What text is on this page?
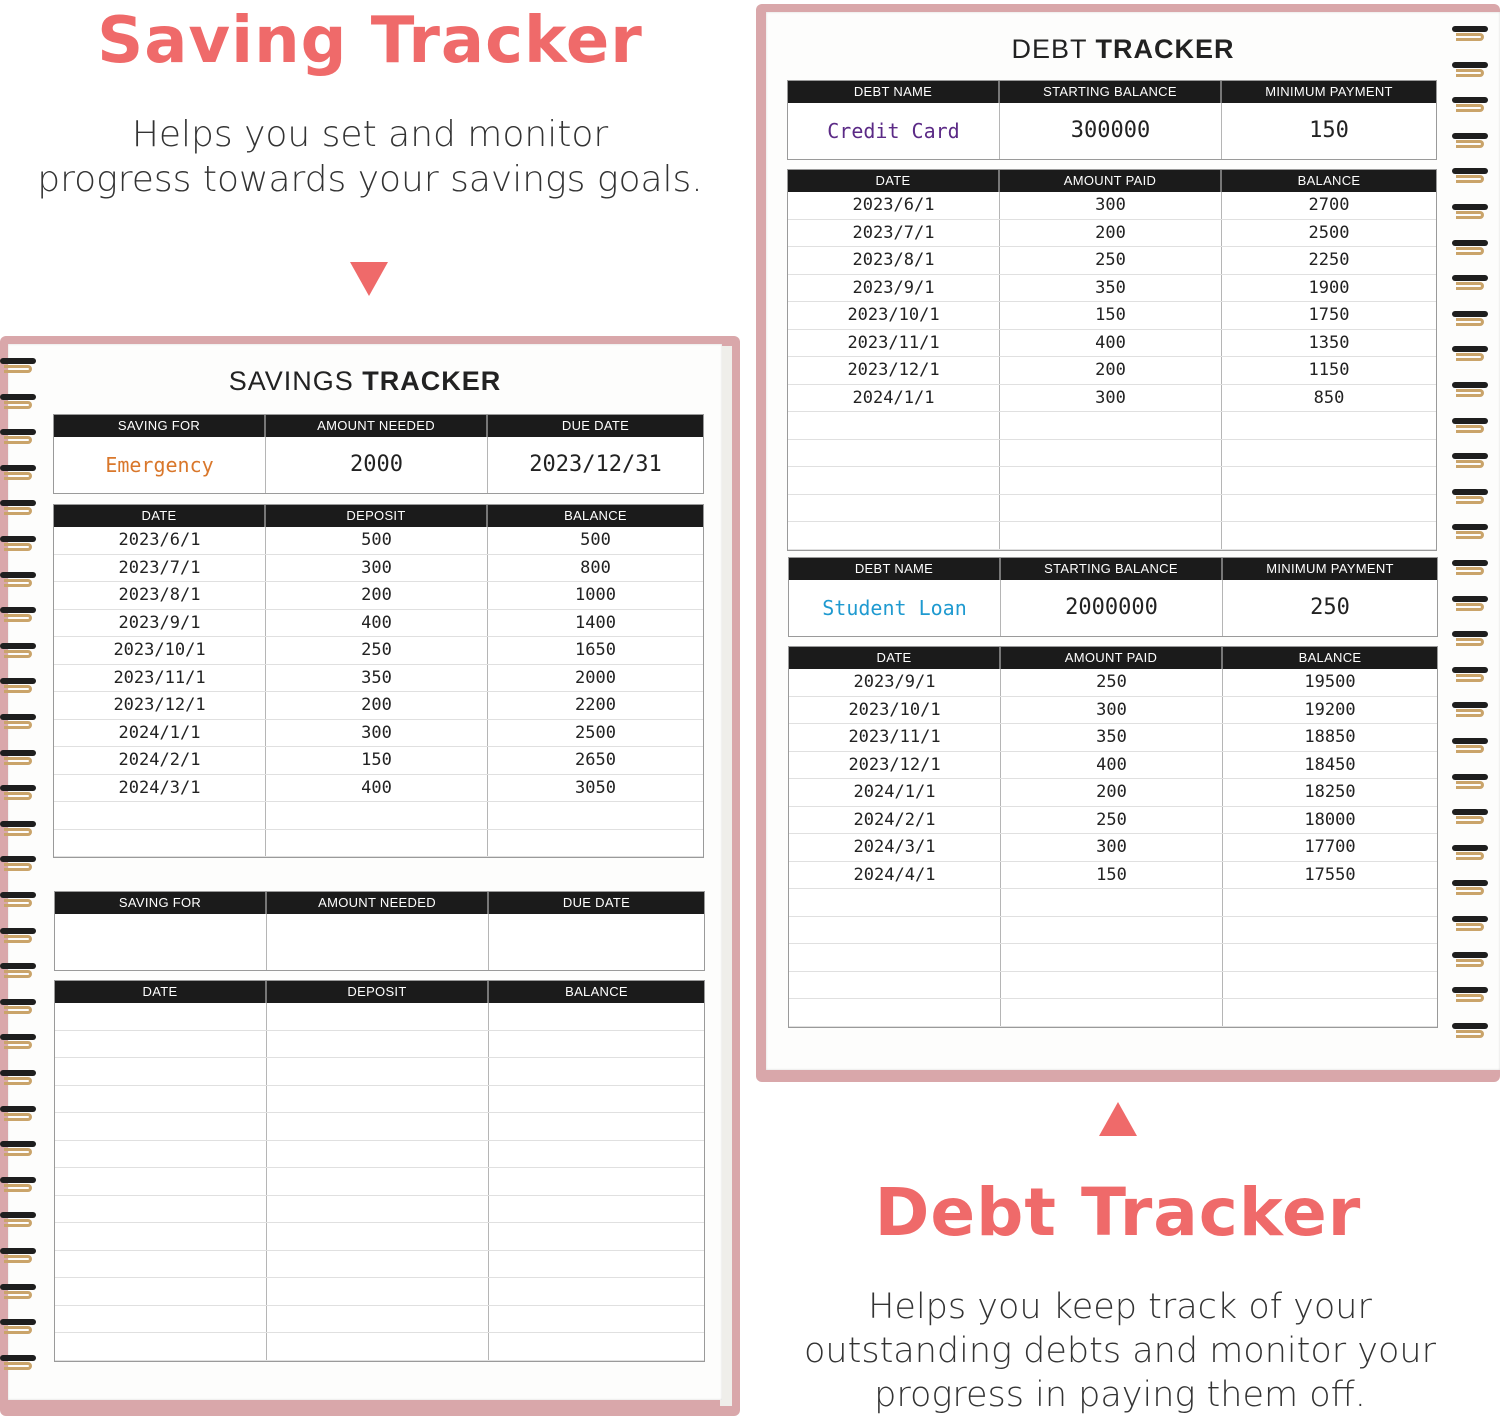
Saving Tracker
Helps you set and monitor
progress towards your savings goals.
SAVINGS TRACKER
SAVING FOR	AMOUNT NEEDED	DUE DATE
Emergency	2000	2023/12/31
DATE	DEPOSIT	BALANCE
2023/6/1	500	500
2023/7/1	300	800
2023/8/1	200	1000
2023/9/1	400	1400
2023/10/1	250	1650
2023/11/1	350	2000
2023/12/1	200	2200
2024/1/1	300	2500
2024/2/1	150	2650
2024/3/1	400	3050
SAVING FOR	AMOUNT NEEDED	DUE DATE
DATE	DEPOSIT	BALANCE
DEBT TRACKER
DEBT NAME	STARTING BALANCE	MINIMUM PAYMENT
Credit Card	300000	150
DATE	AMOUNT PAID	BALANCE
2023/6/1	300	2700
2023/7/1	200	2500
2023/8/1	250	2250
2023/9/1	350	1900
2023/10/1	150	1750
2023/11/1	400	1350
2023/12/1	200	1150
2024/1/1	300	850
DEBT NAME	STARTING BALANCE	MINIMUM PAYMENT
Student Loan	2000000	250
DATE	AMOUNT PAID	BALANCE
2023/9/1	250	19500
2023/10/1	300	19200
2023/11/1	350	18850
2023/12/1	400	18450
2024/1/1	200	18250
2024/2/1	250	18000
2024/3/1	300	17700
2024/4/1	150	17550
Debt Tracker
Helps you keep track of your
outstanding debts and monitor your
progress in paying them off.
